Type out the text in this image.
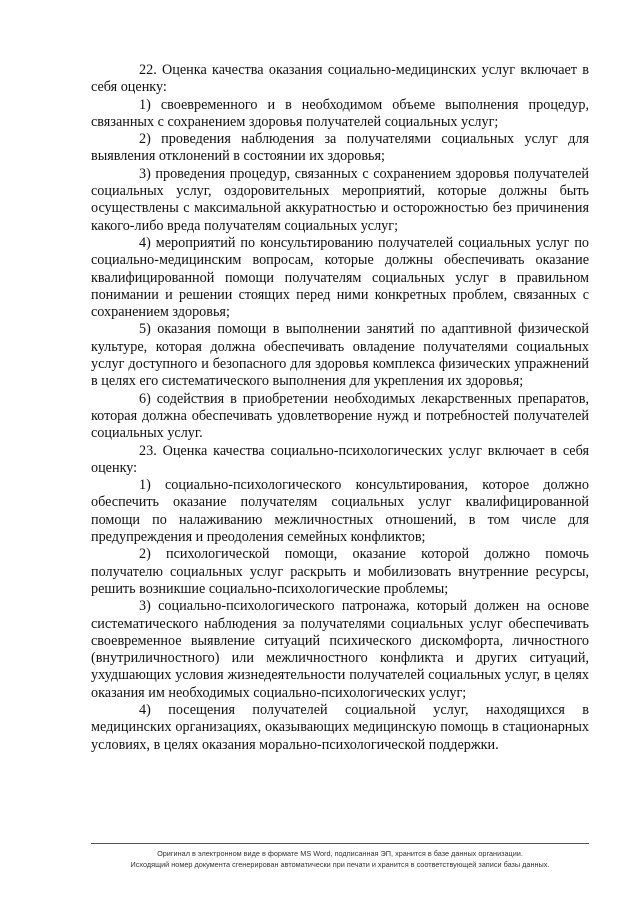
22. Оценка качества оказания социально-медицинских услуг включает в себя оценку:

1) своевременного и в необходимом объеме выполнения процедур, связанных с сохранением здоровья получателей социальных услуг;

2) проведения наблюдения за получателями социальных услуг для выявления отклонений в состоянии их здоровья;

3) проведения процедур, связанных с сохранением здоровья получателей социальных услуг, оздоровительных мероприятий, которые должны быть осуществлены с максимальной аккуратностью и осторожностью без причинения какого-либо вреда получателям социальных услуг;

4) мероприятий по консультированию получателей социальных услуг по социально-медицинским вопросам, которые должны обеспечивать оказание квалифицированной помощи получателям социальных услуг в правильном понимании и решении стоящих перед ними конкретных проблем, связанных с сохранением здоровья;

5) оказания помощи в выполнении занятий по адаптивной физической культуре, которая должна обеспечивать овладение получателями социальных услуг доступного и безопасного для здоровья комплекса физических упражнений в целях его систематического выполнения для укрепления их здоровья;

6) содействия в приобретении необходимых лекарственных препаратов, которая должна обеспечивать удовлетворение нужд и потребностей получателей социальных услуг.

23. Оценка качества социально-психологических услуг включает в себя оценку:

1) социально-психологического консультирования, которое должно обеспечить оказание получателям социальных услуг квалифицированной помощи по налаживанию межличностных отношений, в том числе для предупреждения и преодоления семейных конфликтов;

2) психологической помощи, оказание которой должно помочь получателю социальных услуг раскрыть и мобилизовать внутренние ресурсы, решить возникшие социально-психологические проблемы;

3) социально-психологического патронажа, который должен на основе систематического наблюдения за получателями социальных услуг обеспечивать своевременное выявление ситуаций психического дискомфорта, личностного (внутриличностного) или межличностного конфликта и других ситуаций, ухудшающих условия жизнедеятельности получателей социальных услуг, в целях оказания им необходимых социально-психологических услуг;

4) посещения получателей социальной услуг, находящихся в медицинских организациях, оказывающих медицинскую помощь в стационарных условиях, в целях оказания морально-психологической поддержки.

Оригинал в электронном виде в формате MS Word, подписанная ЭП, хранится в базе данных организации.
Исходящий номер документа сгенерирован автоматически при печати и хранится в соответствующей записи базы данных.
